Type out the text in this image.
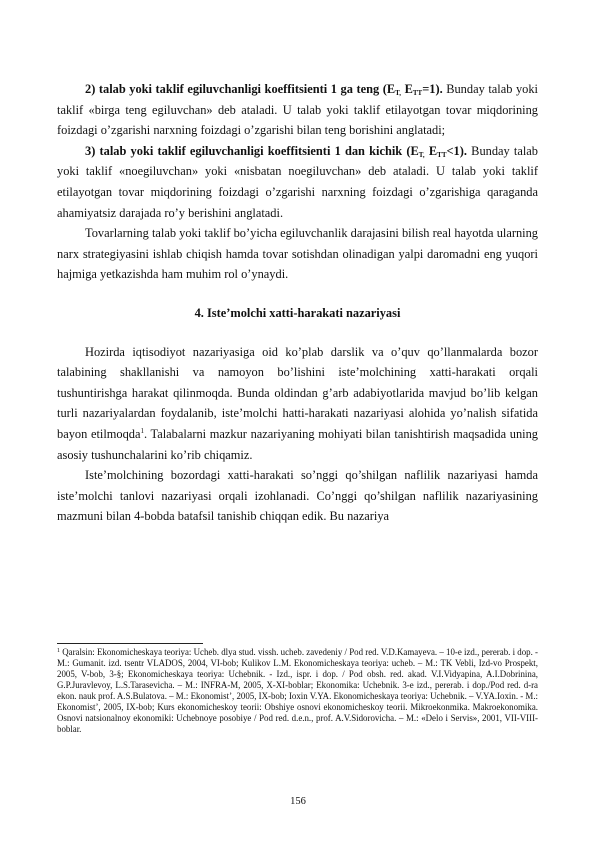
2) talab yoki taklif egiluvchanligi koeffitsienti 1 ga teng ($E_{T,}$ $E_{TT}=1$). Bunday talab yoki taklif «birga teng egiluvchan» deb ataladi. U talab yoki taklif etilayotgan tovar miqdorining foizdagi o’zgarishi narxning foizdagi o’zgarishi bilan teng borishini anglatadi;

3) talab yoki taklif egiluvchanligi koeffitsienti 1 dan kichik ($E_{T,}$ $E_{TT}<1$). Bunday talab yoki taklif «noegiluvchan» yoki «nisbatan noegiluvchan» deb ataladi. U talab yoki taklif etilayotgan tovar miqdorining foizdagi o’zgarishi narxning foizdagi o’zgarishiga qaraganda ahamiyatsiz darajada ro’y berishini anglatadi.

Tovarlarning talab yoki taklif bo’yicha egiluvchanlik darajasini bilish real hayotda ularning narx strategiyasini ishlab chiqish hamda tovar sotishdan olinadigan yalpi daromadni eng yuqori hajmiga yetkazishda ham muhim rol o’ynaydi.

4. Iste’molchi xatti-harakati nazariyasi

Hozirda iqtisodiyot nazariyasiga oid ko’plab darslik va o’quv qo’llanmalarda bozor talabining shakllanishi va namoyon bo’lishini iste’molchining xatti-harakati orqali tushuntirishga harakat qilinmoqda. Bunda oldindan g’arb adabiyotlarida mavjud bo’lib kelgan turli nazariyalardan foydalanib, iste’molchi hatti-harakati nazariyasi alohida yo’nalish sifatida bayon etilmoqda$^1$. Talabalarni mazkur nazariyaning mohiyati bilan tanishtirish maqsadida uning asosiy tushunchalarini ko’rib chiqamiz.

Iste’molchining bozordagi xatti-harakati so’nggi qo’shilgan naflilik nazariyasi hamda iste’molchi tanlovi nazariyasi orqali izohlanadi. Co’nggi qo’shilgan naflilik nazariyasining mazmuni bilan 4-bobda batafsil tanishib chiqqan edik. Bu nazariya

$^1$ Qaralsin: Ekonomicheskaya teoriya: Ucheb. dlya stud. vissh. ucheb. zavedeniy / Pod red. V.D.Kamayeva. – 10-e izd., pererab. i dop. - M.: Gumanit. izd. tsentr VLADOS, 2004, VI-bob; Kulikov L.M. Ekonomicheskaya teoriya: ucheb. – M.: TK Vebli, Izd-vo Prospekt, 2005, V-bob, 3-§; Ekonomicheskaya teoriya: Uchebnik. - Izd., ispr. i dop. / Pod obsh. red. akad. V.I.Vidyapina, A.I.Dobrinina, G.P.Juravlevoy, L.S.Tarasevicha. – M.: INFRA-M, 2005, X-XI-boblar; Ekonomika: Uchebnik. 3-e izd., pererab. i dop./Pod red. d-ra ekon. nauk prof. A.S.Bulatova. – M.: Ekonomist’, 2005, IX-bob; Ioxin V.YA. Ekonomicheskaya teoriya: Uchebnik. – V.YA.Ioxin. - M.: Ekonomist’, 2005, IX-bob; Kurs ekonomicheskoy teorii: Obshiye osnovi ekonomicheskoy teorii. Mikroekonmika. Makroekonomika. Osnovi natsionalnoy ekonomiki: Uchebnoye posobiye / Pod red. d.e.n., prof. A.V.Sidorovicha. – M.: «Delo i Servis», 2001, VII-VIII-boblar.

156
